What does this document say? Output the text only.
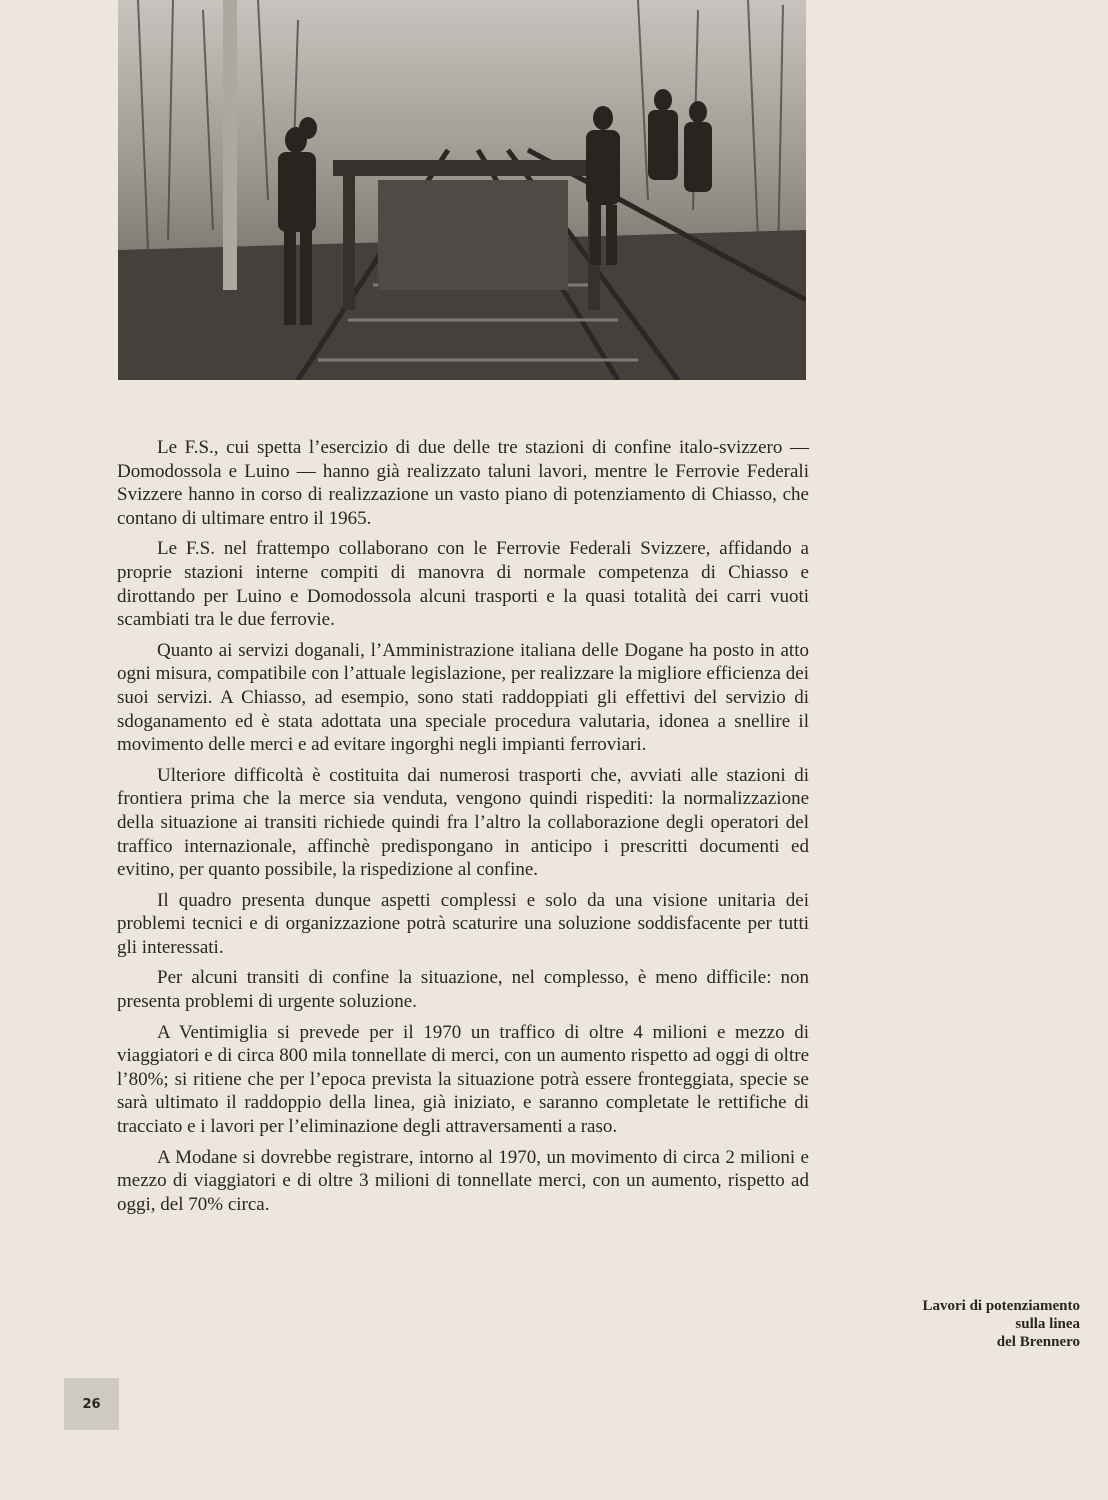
Le F.S., cui spetta l’esercizio di due delle tre stazioni di confine italo-svizzero — Domodossola e Luino — hanno già realizzato taluni lavori, mentre le Ferrovie Federali Svizzere hanno in corso di realizzazione un vasto piano di potenziamento di Chiasso, che contano di ultimare entro il 1965.

Le F.S. nel frattempo collaborano con le Ferrovie Federali Svizzere, affidando a proprie stazioni interne compiti di manovra di normale competenza di Chiasso e dirottando per Luino e Domodossola alcuni trasporti e la quasi totalità dei carri vuoti scambiati tra le due ferrovie.

Quanto ai servizi doganali, l’Amministrazione italiana delle Dogane ha posto in atto ogni misura, compatibile con l’attuale legislazione, per realizzare la migliore efficienza dei suoi servizi. A Chiasso, ad esempio, sono stati raddoppiati gli effettivi del servizio di sdoganamento ed è stata adottata una speciale procedura valutaria, idonea a snellire il movimento delle merci e ad evitare ingorghi negli impianti ferroviari.

Ulteriore difficoltà è costituita dai numerosi trasporti che, avviati alle stazioni di frontiera prima che la merce sia venduta, vengono quindi rispediti: la normalizzazione della situazione ai transiti richiede quindi fra l’altro la collaborazione degli operatori del traffico internazionale, affinchè predispongano in anticipo i prescritti documenti ed evitino, per quanto possibile, la rispedizione al confine.

Il quadro presenta dunque aspetti complessi e solo da una visione unitaria dei problemi tecnici e di organizzazione potrà scaturire una soluzione soddisfacente per tutti gli interessati.

Per alcuni transiti di confine la situazione, nel complesso, è meno difficile: non presenta problemi di urgente soluzione.

A Ventimiglia si prevede per il 1970 un traffico di oltre 4 milioni e mezzo di viaggiatori e di circa 800 mila tonnellate di merci, con un aumento rispetto ad oggi di oltre l’80%; si ritiene che per l’epoca prevista la situazione potrà essere fronteggiata, specie se sarà ultimato il raddoppio della linea, già iniziato, e saranno completate le rettifiche di tracciato e i lavori per l’eliminazione degli attraversamenti a raso.

A Modane si dovrebbe registrare, intorno al 1970, un movimento di circa 2 milioni e mezzo di viaggiatori e di oltre 3 milioni di tonnellate merci, con un aumento, rispetto ad oggi, del 70% circa.

Lavori di potenziamento
sulla linea
del Brennero
26
